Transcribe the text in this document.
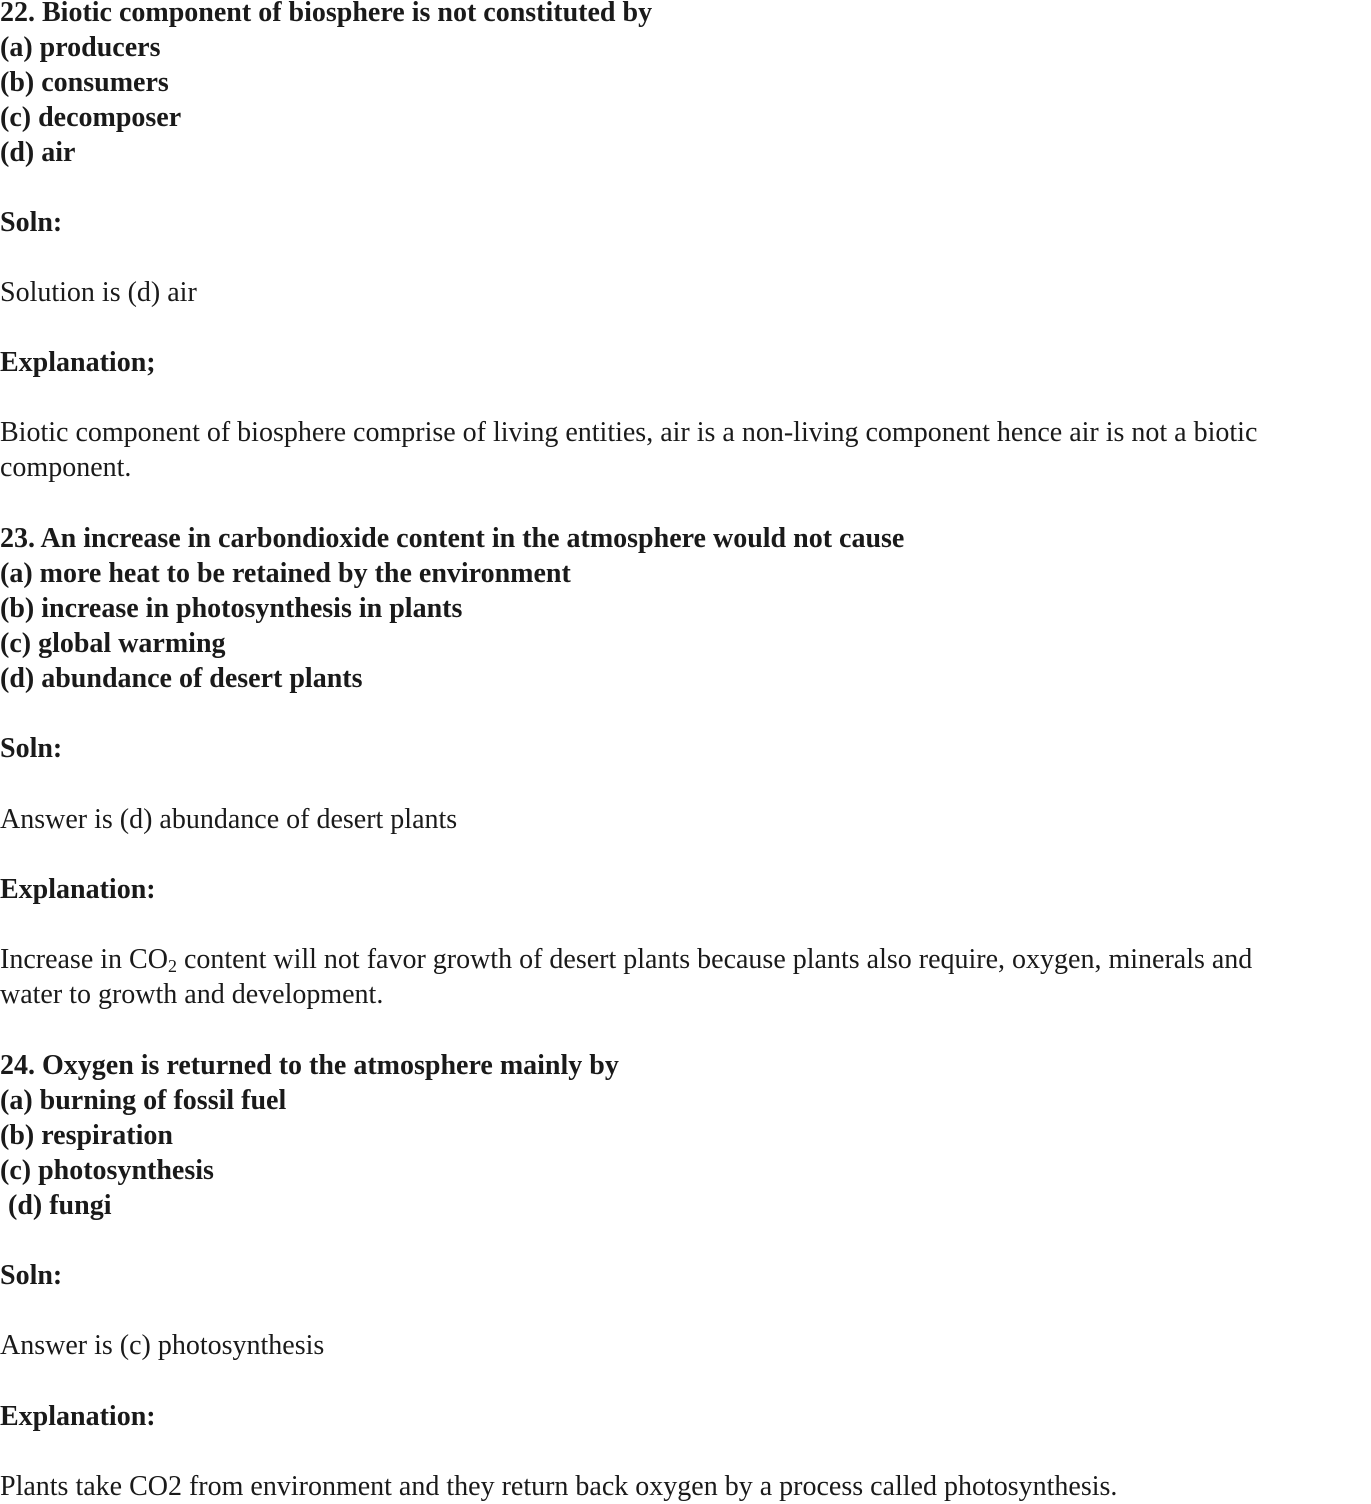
22. Biotic component of biosphere is not constituted by
(a) producers
(b) consumers
(c) decomposer
(d) air
Soln:
Solution is (d) air
Explanation;
Biotic component of biosphere comprise of living entities, air is a non-living component hence air is not a biotic
component.
23. An increase in carbondioxide content in the atmosphere would not cause
(a) more heat to be retained by the environment
(b) increase in photosynthesis in plants
(c) global warming
(d) abundance of desert plants
Soln:
Answer is (d) abundance of desert plants
Explanation:
Increase in $CO_2$ content will not favor growth of desert plants because plants also require, oxygen, minerals and
water to growth and development.
24. Oxygen is returned to the atmosphere mainly by
(a) burning of fossil fuel
(b) respiration
(c) photosynthesis
(d) fungi
Soln:
Answer is (c) photosynthesis
Explanation:
Plants take CO2 from environment and they return back oxygen by a process called photosynthesis.
